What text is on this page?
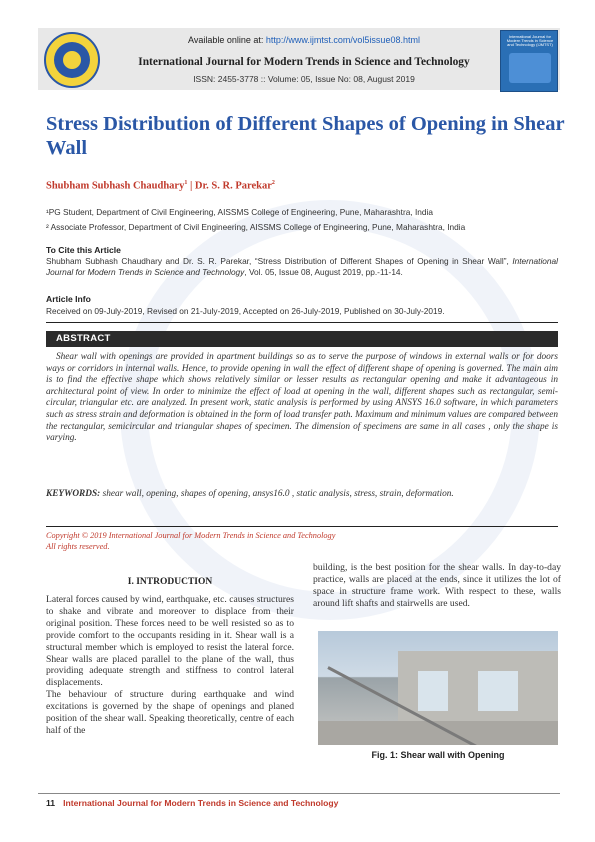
International Journal for Modern Trends in Science and Technology (IJMTST)
Available online at: http://www.ijmtst.com/vol5issue08.html
International Journal for Modern Trends in Science and Technology
ISSN: 2455-3778 :: Volume: 05, Issue No: 08, August 2019
Stress Distribution of Different Shapes of Opening in Shear Wall
Shubham Subhash Chaudhary$^1$ | Dr. S. R. Parekar$^2$
¹PG Student, Department of Civil Engineering, AISSMS College of Engineering, Pune, Maharashtra, India
² Associate Professor, Department of Civil Engineering, AISSMS College of Engineering, Pune, Maharashtra, India
To Cite this Article
Shubham Subhash Chaudhary and Dr. S. R. Parekar, “Stress Distribution of Different Shapes of Opening in Shear Wall”, International Journal for Modern Trends in Science and Technology, Vol. 05, Issue 08, August 2019, pp.-11-14.
Article Info
Received on 09-July-2019, Revised on 21-July-2019, Accepted on 26-July-2019, Published on 30-July-2019.
ABSTRACT
Shear wall with openings are provided in apartment buildings so as to serve the purpose of windows in external walls or for doors ways or corridors in internal walls. Hence, to provide opening in wall the effect of different shape of opening is governed. The main aim is to find the effective shape which shows relatively similar or lesser results as rectangular opening and make it advantageous in architectural point of view. In order to minimize the effect of load at opening in the wall, different shapes such as rectangular, semi-circular, triangular etc. are analyzed. In present work, static analysis is performed by using ANSYS 16.0 software, in which parameters such as stress strain and deformation is obtained in the form of load transfer path. Maximum and minimum values are compared between the rectangular, semicircular and triangular shapes of specimen. The dimension of specimens are same in all cases , only the shape is varying.
KEYWORDS: shear wall, opening, shapes of opening, ansys16.0 , static analysis, stress, strain, deformation.
Copyright © 2019 International Journal for Modern Trends in Science and Technology
All rights reserved.
I. INTRODUCTION

Lateral forces caused by wind, earthquake, etc. causes structures to shake and vibrate and moreover to displace from their original position. These forces need to be well resisted so as to provide comfort to the occupants residing in it. Shear wall is a structural member which is employed to resist the lateral force. Shear walls are placed parallel to the plane of the wall, thus providing adequate strength and stiffness to control lateral displacements.

The behaviour of structure during earthquake and wind excitations is governed by the shape of openings and planed position of the shear wall. Speaking theoretically, centre of each half of the

building, is the best position for the shear walls. In day-to-day practice, walls are placed at the ends, since it utilizes the lot of space in structure frame work. With respect to these, walls around lift shafts and stairwells are used.
Fig. 1: Shear wall with Opening
11 International Journal for Modern Trends in Science and Technology
